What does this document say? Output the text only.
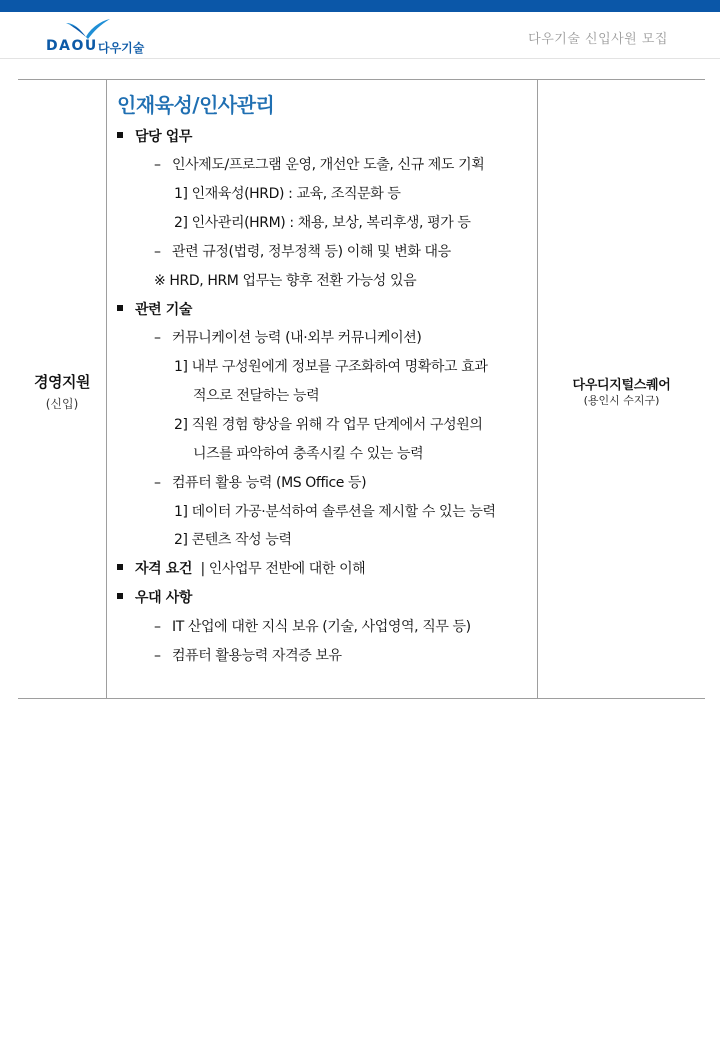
DAOU 다우기술
다우기술 신입사원 모집
경영지원
(신입)
인재육성/인사관리
담당 업무
– 인사제도/프로그램 운영, 개선안 도출, 신규 제도 기획
1] 인재육성(HRD) : 교육, 조직문화 등
2] 인사관리(HRM) : 채용, 보상, 복리후생, 평가 등
– 관련 규정(법령, 정부정책 등) 이해 및 변화 대응
※ HRD, HRM 업무는 향후 전환 가능성 있음
관련 기술
– 커뮤니케이션 능력 (내·외부 커뮤니케이션)
1] 내부 구성원에게 정보를 구조화하여 명확하고 효과
적으로 전달하는 능력
2] 직원 경험 향상을 위해 각 업무 단계에서 구성원의
니즈를 파악하여 충족시킬 수 있는 능력
– 컴퓨터 활용 능력 (MS Office 등)
1] 데이터 가공·분석하여 솔루션을 제시할 수 있는 능력
2] 콘텐츠 작성 능력
자격 요건 | 인사업무 전반에 대한 이해
우대 사항
– IT 산업에 대한 지식 보유 (기술, 사업영역, 직무 등)
– 컴퓨터 활용능력 자격증 보유
다우디지털스퀘어
(용인시 수지구)
